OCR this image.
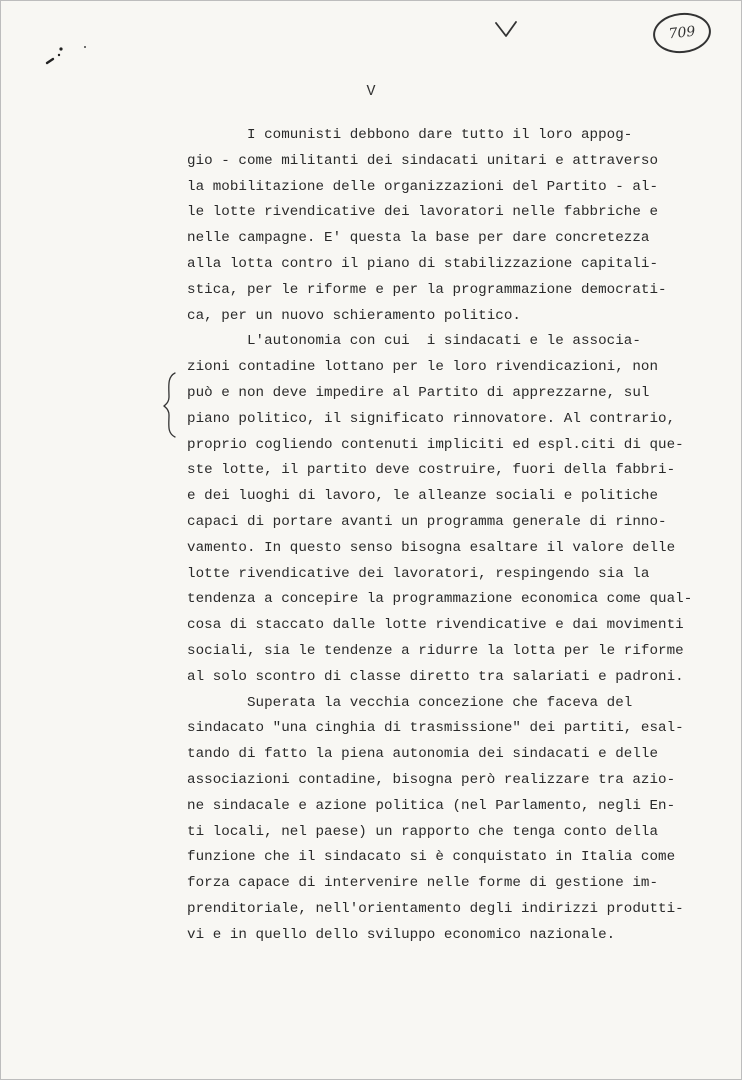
709
V
I comunisti debbono dare tutto il loro appog-
gio - come militanti dei sindacati unitari e attraverso
la mobilitazione delle organizzazioni del Partito - al-
le lotte rivendicative dei lavoratori nelle fabbriche e
nelle campagne. E' questa la base per dare concretezza
alla lotta contro il piano di stabilizzazione capitali-
stica, per le riforme e per la programmazione democrati-
ca, per un nuovo schieramento politico.
L'autonomia con cui  i sindacati e le associa-
zioni contadine lottano per le loro rivendicazioni, non
può e non deve impedire al Partito di apprezzarne, sul
piano politico, il significato rinnovatore. Al contrario,
proprio cogliendo contenuti impliciti ed espl.citi di que-
ste lotte, il partito deve costruire, fuori della fabbri-
e dei luoghi di lavoro, le alleanze sociali e politiche
capaci di portare avanti un programma generale di rinno-
vamento. In questo senso bisogna esaltare il valore delle
lotte rivendicative dei lavoratori, respingendo sia la
tendenza a concepire la programmazione economica come qual-
cosa di staccato dalle lotte rivendicative e dai movimenti
sociali, sia le tendenze a ridurre la lotta per le riforme
al solo scontro di classe diretto tra salariati e padroni.
Superata la vecchia concezione che faceva del
sindacato "una cinghia di trasmissione" dei partiti, esal-
tando di fatto la piena autonomia dei sindacati e delle
associazioni contadine, bisogna però realizzare tra azio-
ne sindacale e azione politica (nel Parlamento, negli En-
ti locali, nel paese) un rapporto che tenga conto della
funzione che il sindacato si è conquistato in Italia come
forza capace di intervenire nelle forme di gestione im-
prenditoriale, nell'orientamento degli indirizzi produtti-
vi e in quello dello sviluppo economico nazionale.
